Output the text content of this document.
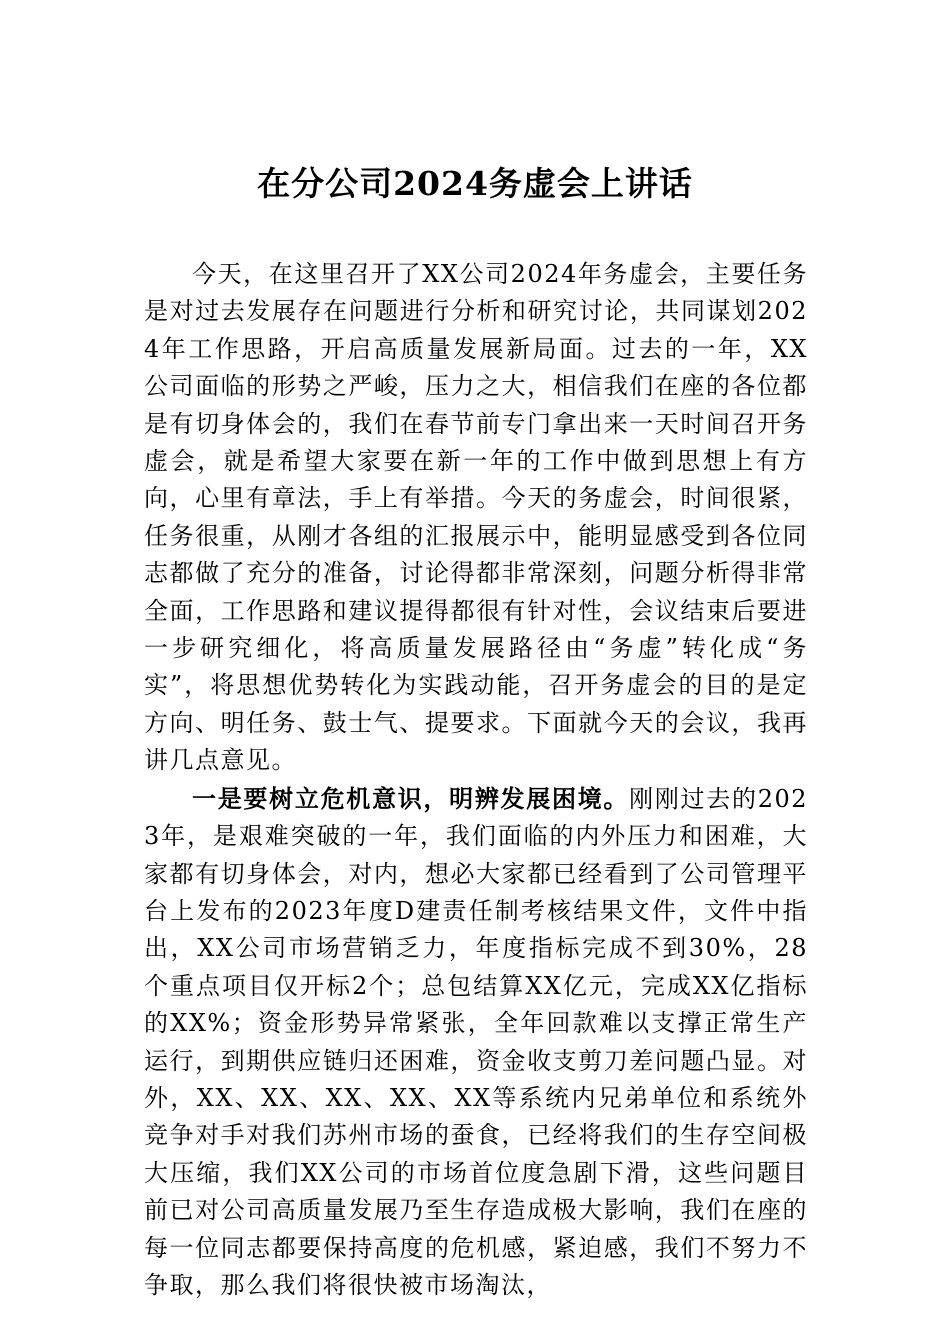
在分公司2024务虚会上讲话

今天，在这里召开了XX公司2024年务虚会，主要任务是对过去发展存在问题进行分析和研究讨论，共同谋划2024年工作思路，开启高质量发展新局面。过去的一年，XX公司面临的形势之严峻，压力之大，相信我们在座的各位都是有切身体会的，我们在春节前专门拿出来一天时间召开务虚会，就是希望大家要在新一年的工作中做到思想上有方向，心里有章法，手上有举措。今天的务虚会，时间很紧，任务很重，从刚才各组的汇报展示中，能明显感受到各位同志都做了充分的准备，讨论得都非常深刻，问题分析得非常全面，工作思路和建议提得都很有针对性，会议结束后要进一步研究细化，将高质量发展路径由“务虚”转化成“务实”，将思想优势转化为实践动能，召开务虚会的目的是定方向、明任务、鼓士气、提要求。下面就今天的会议，我再讲几点意见。

一是要树立危机意识，明辨发展困境。刚刚过去的2023年，是艰难突破的一年，我们面临的内外压力和困难，大家都有切身体会，对内，想必大家都已经看到了公司管理平台上发布的2023年度D建责任制考核结果文件，文件中指出，XX公司市场营销乏力，年度指标完成不到30%，28个重点项目仅开标2个；总包结算XX亿元，完成XX亿指标的XX%；资金形势异常紧张，全年回款难以支撑正常生产运行，到期供应链归还困难，资金收支剪刀差问题凸显。对外，XX、XX、XX、XX、XX等系统内兄弟单位和系统外竞争对手对我们苏州市场的蚕食，已经将我们的生存空间极大压缩，我们XX公司的市场首位度急剧下滑，这些问题目前已对公司高质量发展乃至生存造成极大影响，我们在座的每一位同志都要保持高度的危机感，紧迫感，我们不努力不争取，那么我们将很快被市场淘汰，
